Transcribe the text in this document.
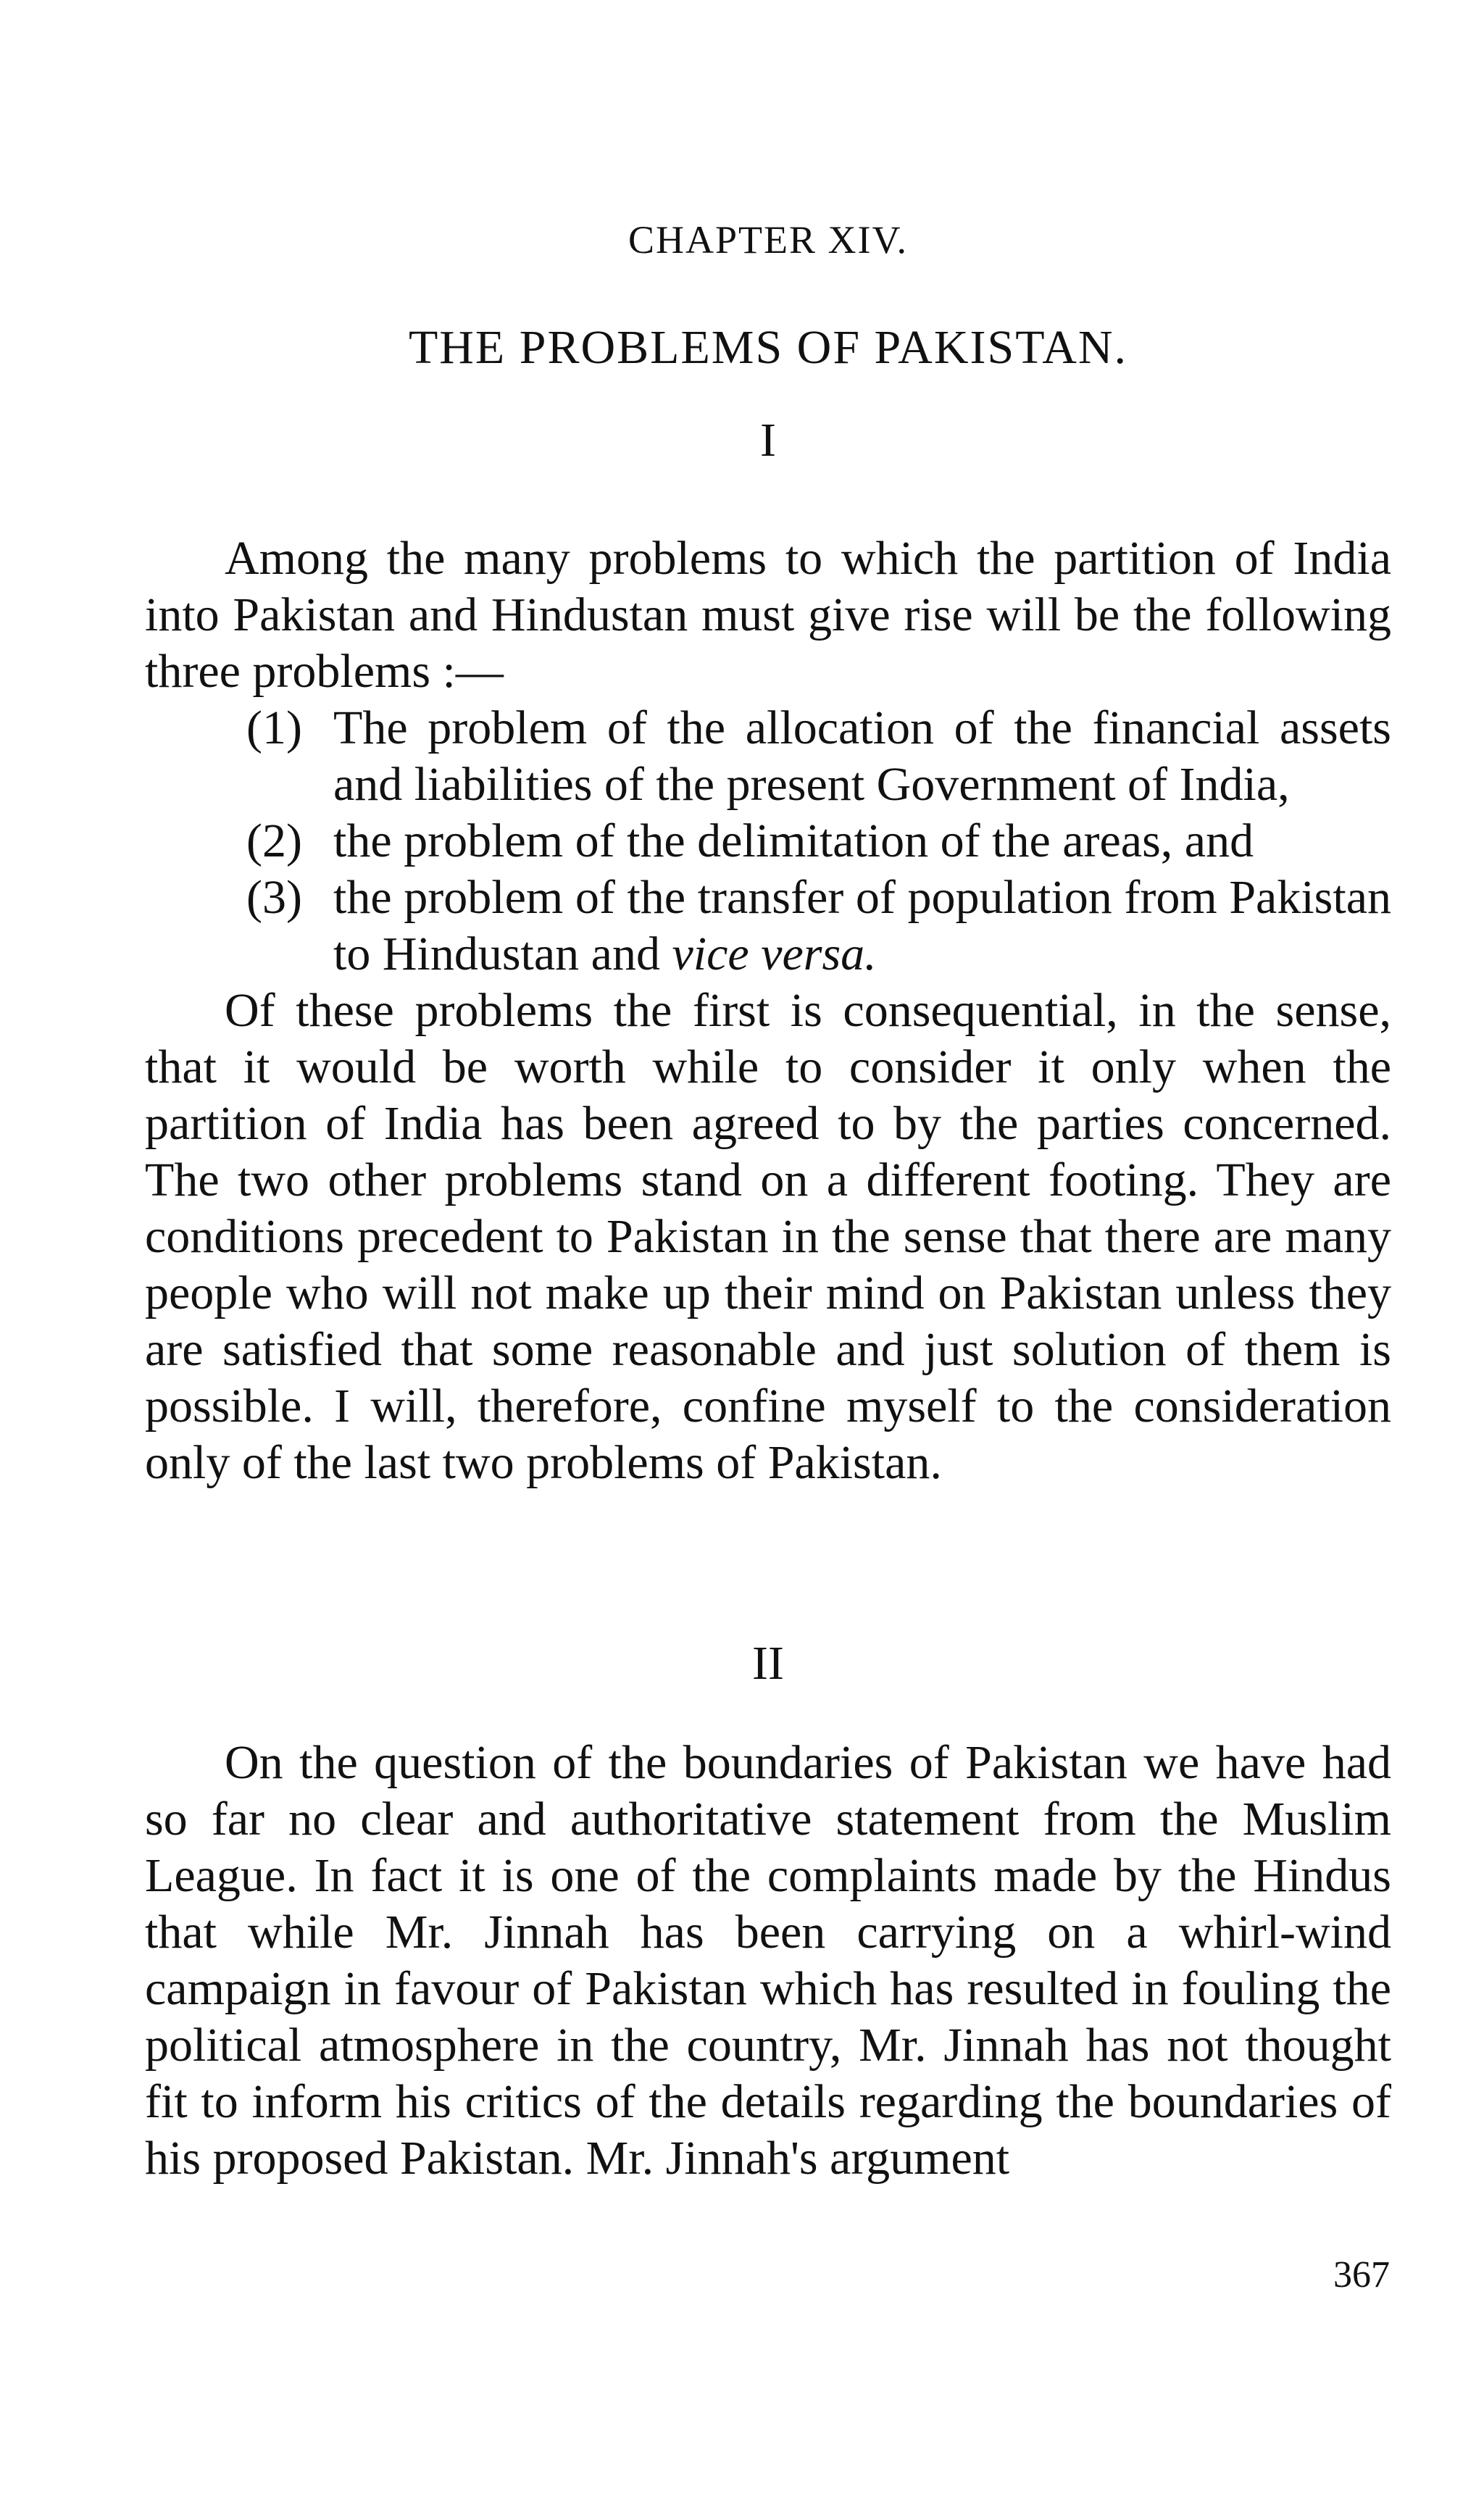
CHAPTER XIV.
THE PROBLEMS OF PAKISTAN.
I

Among the many problems to which the partition of India into Pakistan and Hindustan must give rise will be the following three problems :—

(1) The problem of the allocation of the financial assets and liabilities of the present Government of India,
(2) the problem of the delimitation of the areas, and
(3) the problem of the transfer of population from Pakistan to Hindustan and vice versa.

Of these problems the first is consequential, in the sense, that it would be worth while to consider it only when the partition of India has been agreed to by the parties concerned. The two other problems stand on a different footing. They are conditions precedent to Pakistan in the sense that there are many people who will not make up their mind on Pakistan unless they are satisfied that some reasonable and just solution of them is possible. I will, therefore, confine myself to the consideration only of the last two problems of Pakistan.

II

On the question of the boundaries of Pakistan we have had so far no clear and authoritative statement from the Muslim League. In fact it is one of the complaints made by the Hindus that while Mr. Jinnah has been carrying on a whirl-wind campaign in favour of Pakistan which has resulted in fouling the political atmosphere in the country, Mr. Jinnah has not thought fit to inform his critics of the details regarding the boundaries of his proposed Pakistan. Mr. Jinnah's argument

367
